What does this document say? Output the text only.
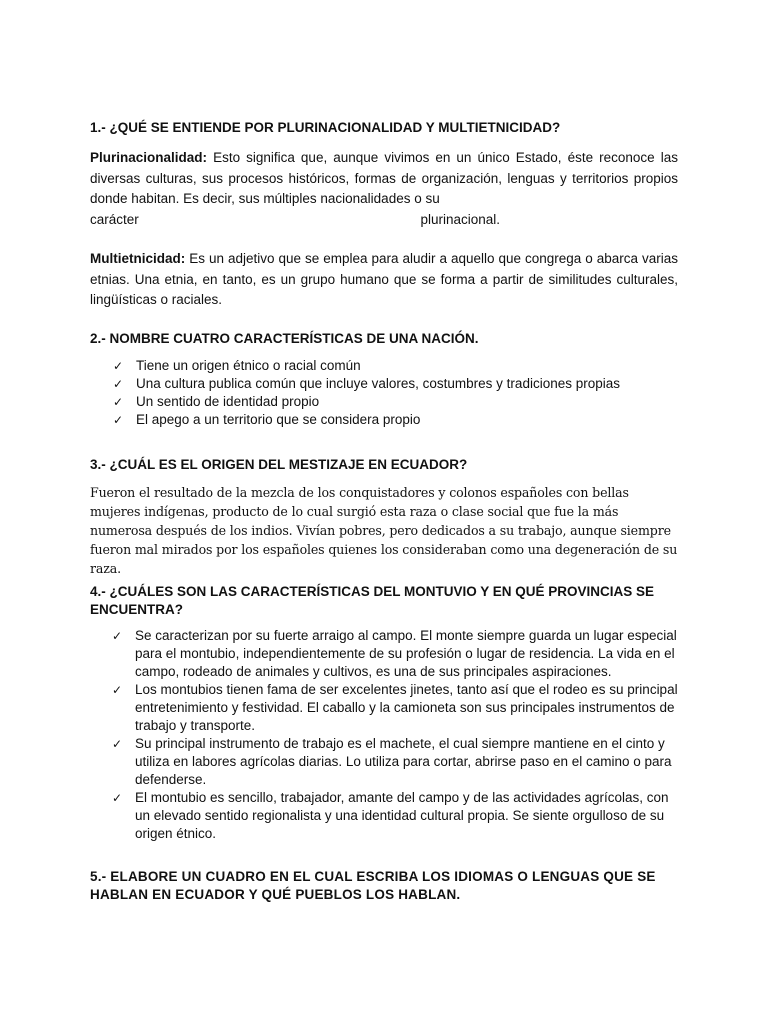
1.- ¿QUÉ SE ENTIENDE POR PLURINACIONALIDAD Y MULTIETNICIDAD?

Plurinacionalidad: Esto significa que, aunque vivimos en un único Estado, éste reconoce las diversas culturas, sus procesos históricos, formas de organización, lenguas y territorios propios donde habitan. Es decir, sus múltiples nacionalidades o su
carácter	plurinacional.
Multietnicidad: Es un adjetivo que se emplea para aludir a aquello que congrega o abarca varias etnias. Una etnia, en tanto, es un grupo humano que se forma a partir de similitudes culturales, lingüísticas o raciales.

2.- NOMBRE CUATRO CARACTERÍSTICAS DE UNA NACIÓN.

✓ Tiene un origen étnico o racial común
✓ Una cultura publica común que incluye valores, costumbres y tradiciones propias
✓ Un sentido de identidad propio
✓ El apego a un territorio que se considera propio

3.- ¿CUÁL ES EL ORIGEN DEL MESTIZAJE EN ECUADOR?

Fueron el resultado de la mezcla de los conquistadores y colonos españoles con bellas mujeres indígenas, producto de lo cual surgió esta raza o clase social que fue la más numerosa después de los indios. Vivían pobres, pero dedicados a su trabajo, aunque siempre fueron mal mirados por los españoles quienes los consideraban como una degeneración de su raza.

4.- ¿CUÁLES SON LAS CARACTERÍSTICAS DEL MONTUVIO Y EN QUÉ PROVINCIAS SE ENCUENTRA?

✓ Se caracterizan por su fuerte arraigo al campo. El monte siempre guarda un lugar especial para el montubio, independientemente de su profesión o lugar de residencia. La vida en el campo, rodeado de animales y cultivos, es una de sus principales aspiraciones.
✓ Los montubios tienen fama de ser excelentes jinetes, tanto así que el rodeo es su principal entretenimiento y festividad. El caballo y la camioneta son sus principales instrumentos de trabajo y transporte.
✓ Su principal instrumento de trabajo es el machete, el cual siempre mantiene en el cinto y utiliza en labores agrícolas diarias. Lo utiliza para cortar, abrirse paso en el camino o para defenderse.
✓ El montubio es sencillo, trabajador, amante del campo y de las actividades agrícolas, con un elevado sentido regionalista y una identidad cultural propia. Se siente orgulloso de su origen étnico.

5.- ELABORE UN CUADRO EN EL CUAL ESCRIBA LOS IDIOMAS O LENGUAS QUE SE HABLAN EN ECUADOR Y QUÉ PUEBLOS LOS HABLAN.
